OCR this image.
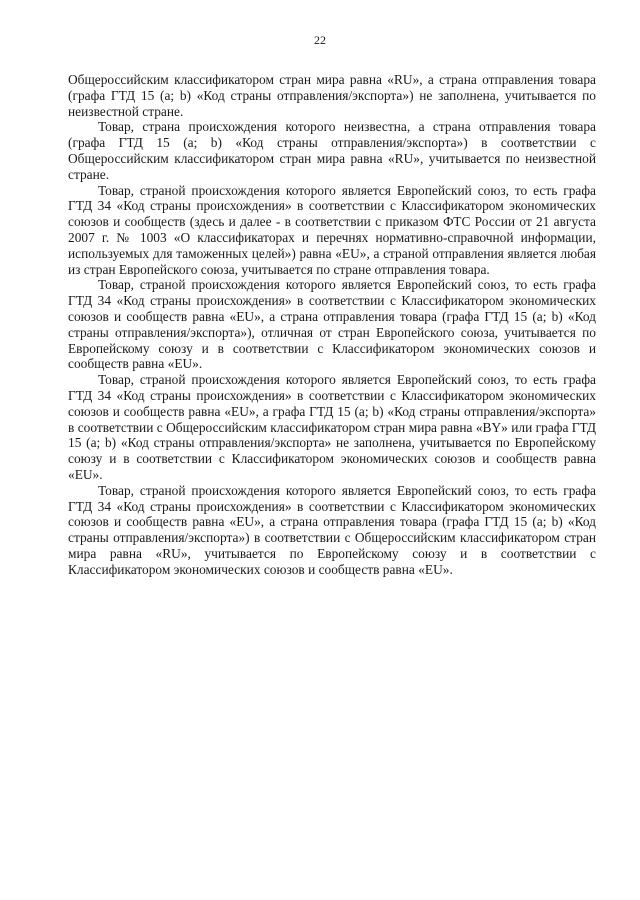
22

Общероссийским классификатором стран мира равна «RU», а страна отправления товара (графа ГТД 15 (a; b) «Код страны отправления/экспорта») не заполнена, учитывается по неизвестной стране.

Товар, страна происхождения которого неизвестна, а страна отправления товара (графа ГТД 15 (a; b) «Код страны отправления/экспорта») в соответствии с Общероссийским классификатором стран мира равна «RU», учитывается по неизвестной стране.

Товар, страной происхождения которого является Европейский союз, то есть графа ГТД 34 «Код страны происхождения» в соответствии с Классификатором экономических союзов и сообществ (здесь и далее - в соответствии с приказом ФТС России от 21 августа 2007 г. № 1003 «О классификаторах и перечнях нормативно-справочной информации, используемых для таможенных целей») равна «EU», а страной отправления является любая из стран Европейского союза, учитывается по стране отправления товара.

Товар, страной происхождения которого является Европейский союз, то есть графа ГТД 34 «Код страны происхождения» в соответствии с Классификатором экономических союзов и сообществ равна «EU», а страна отправления товара (графа ГТД 15 (a; b) «Код страны отправления/экспорта»), отличная от стран Европейского союза, учитывается по Европейскому союзу и в соответствии с Классификатором экономических союзов и сообществ равна «EU».

Товар, страной происхождения которого является Европейский союз, то есть графа ГТД 34 «Код страны происхождения» в соответствии с Классификатором экономических союзов и сообществ равна «EU», а графа ГТД 15 (a; b) «Код страны отправления/экспорта» в соответствии с Общероссийским классификатором стран мира равна «BY» или графа ГТД 15 (a; b) «Код страны отправления/экспорта» не заполнена, учитывается по Европейскому союзу и в соответствии с Классификатором экономических союзов и сообществ равна «EU».

Товар, страной происхождения которого является Европейский союз, то есть графа ГТД 34 «Код страны происхождения» в соответствии с Классификатором экономических союзов и сообществ равна «EU», а страна отправления товара (графа ГТД 15 (a; b) «Код страны отправления/экспорта») в соответствии с Общероссийским классификатором стран мира равна «RU», учитывается по Европейскому союзу и в соответствии с Классификатором экономических союзов и сообществ равна «EU».
